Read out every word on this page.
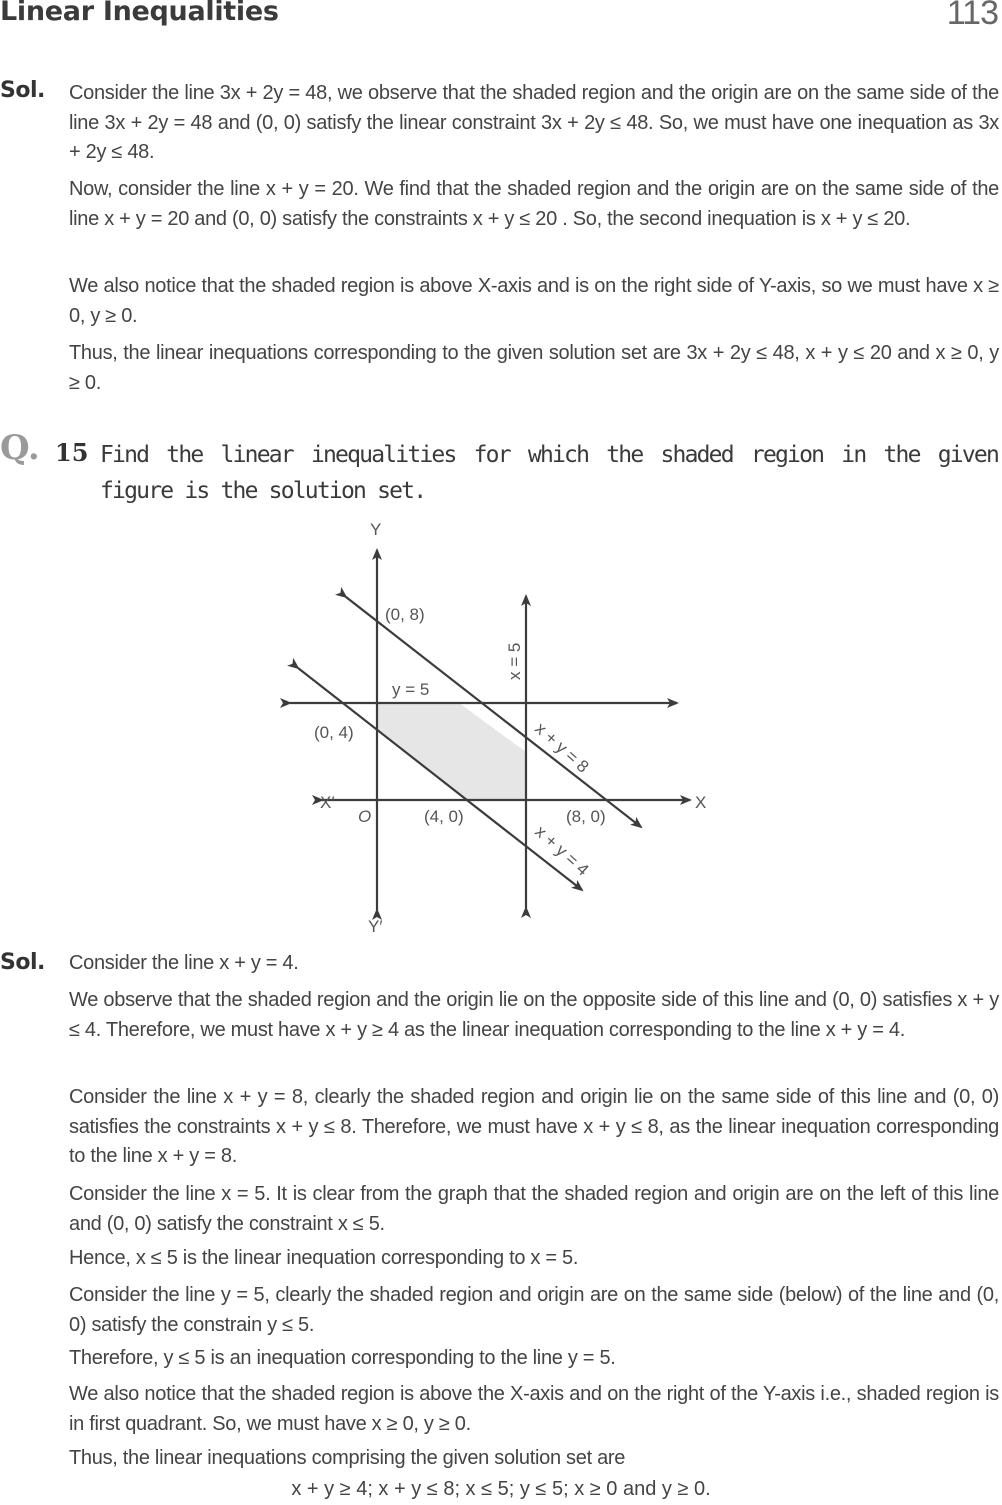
Linear Inequalities	113
Sol. Consider the line 3x + 2y = 48, we observe that the shaded region and the origin are on the same side of the line 3x + 2y = 48 and (0, 0) satisfy the linear constraint 3x + 2y ≤ 48. So, we must have one inequation as 3x + 2y ≤ 48.
Now, consider the line x + y = 20. We find that the shaded region and the origin are on the same side of the line x + y = 20 and (0, 0) satisfy the constraints x + y ≤ 20 . So, the second inequation is x + y ≤ 20.
We also notice that the shaded region is above X-axis and is on the right side of Y-axis, so we must have x ≥ 0, y ≥ 0.
Thus, the linear inequations corresponding to the given solution set are 3x + 2y ≤ 48, x + y ≤ 20 and x ≥ 0, y ≥ 0.
Q. 15 Find the linear inequalities for which the shaded region in the given figure is the solution set.
Y
Y′
X
X′
O
(0, 8)
(0, 4)
(4, 0)	(8, 0)
y = 5
x = 5
x + y = 8
x + y = 4
Sol. Consider the line x + y = 4.
We observe that the shaded region and the origin lie on the opposite side of this line and (0, 0) satisfies x + y ≤ 4. Therefore, we must have x + y ≥ 4 as the linear inequation corresponding to the line x + y = 4.
Consider the line x + y = 8, clearly the shaded region and origin lie on the same side of this line and (0, 0) satisfies the constraints x + y ≤ 8. Therefore, we must have x + y ≤ 8, as the linear inequation corresponding to the line x + y = 8.
Consider the line x = 5. It is clear from the graph that the shaded region and origin are on the left of this line and (0, 0) satisfy the constraint x ≤ 5.
Hence, x ≤ 5 is the linear inequation corresponding to x = 5.
Consider the line y = 5, clearly the shaded region and origin are on the same side (below) of the line and (0, 0) satisfy the constrain y ≤ 5.
Therefore, y ≤ 5 is an inequation corresponding to the line y = 5.
We also notice that the shaded region is above the X-axis and on the right of the Y-axis i.e., shaded region is in first quadrant. So, we must have x ≥ 0, y ≥ 0.
Thus, the linear inequations comprising the given solution set are
x + y ≥ 4; x + y ≤ 8; x ≤ 5; y ≤ 5; x ≥ 0 and y ≥ 0.
